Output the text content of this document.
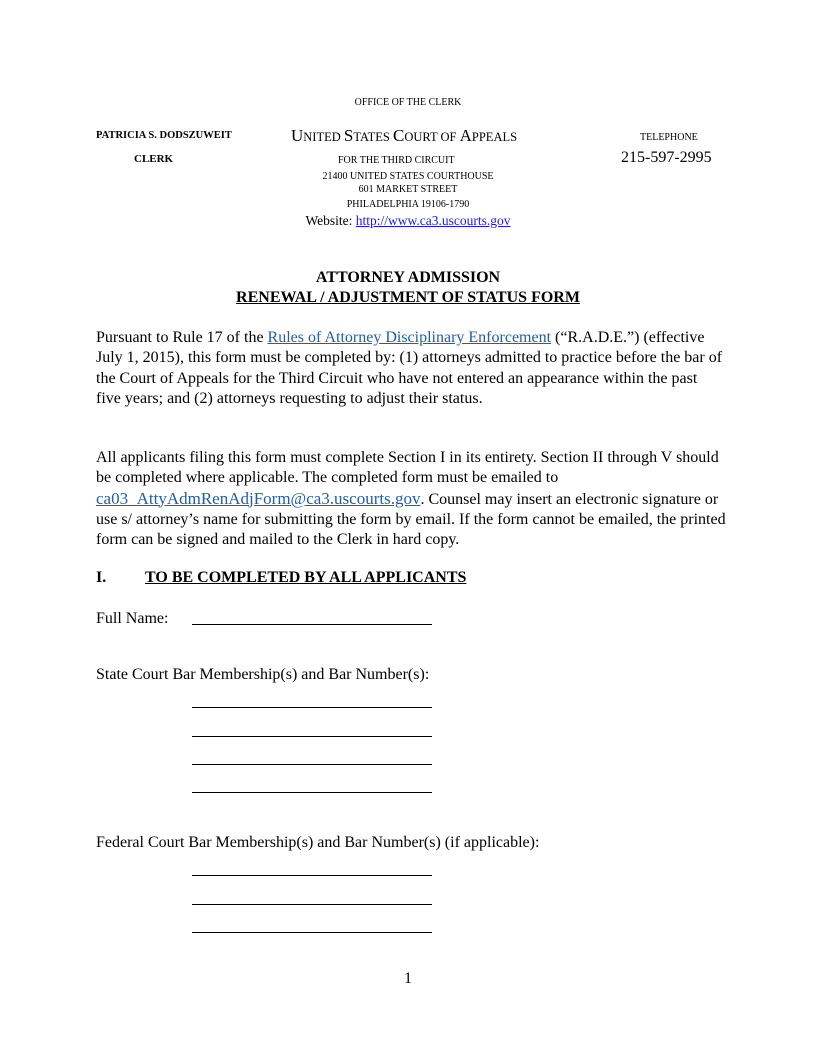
OFFICE OF THE CLERK
PATRICIA S. DODSZUWEIT
CLERK
UNITED STATES COURT OF APPEALS
FOR THE THIRD CIRCUIT
21400 UNITED STATES COURTHOUSE
601 MARKET STREET
PHILADELPHIA 19106-1790
Website: http://www.ca3.uscourts.gov
TELEPHONE
215-597-2995
ATTORNEY ADMISSION
RENEWAL / ADJUSTMENT OF STATUS FORM
Pursuant to Rule 17 of the Rules of Attorney Disciplinary Enforcement (“R.A.D.E.”) (effective July 1, 2015), this form must be completed by: (1) attorneys admitted to practice before the bar of the Court of Appeals for the Third Circuit who have not entered an appearance within the past five years; and (2) attorneys requesting to adjust their status.
All applicants filing this form must complete Section I in its entirety. Section II through V should be completed where applicable. The completed form must be emailed to ca03_AttyAdmRenAdjForm@ca3.uscourts.gov. Counsel may insert an electronic signature or use s/ attorney’s name for submitting the form by email. If the form cannot be emailed, the printed form can be signed and mailed to the Clerk in hard copy.
I. TO BE COMPLETED BY ALL APPLICANTS
Full Name:
State Court Bar Membership(s) and Bar Number(s):
Federal Court Bar Membership(s) and Bar Number(s) (if applicable):
1
